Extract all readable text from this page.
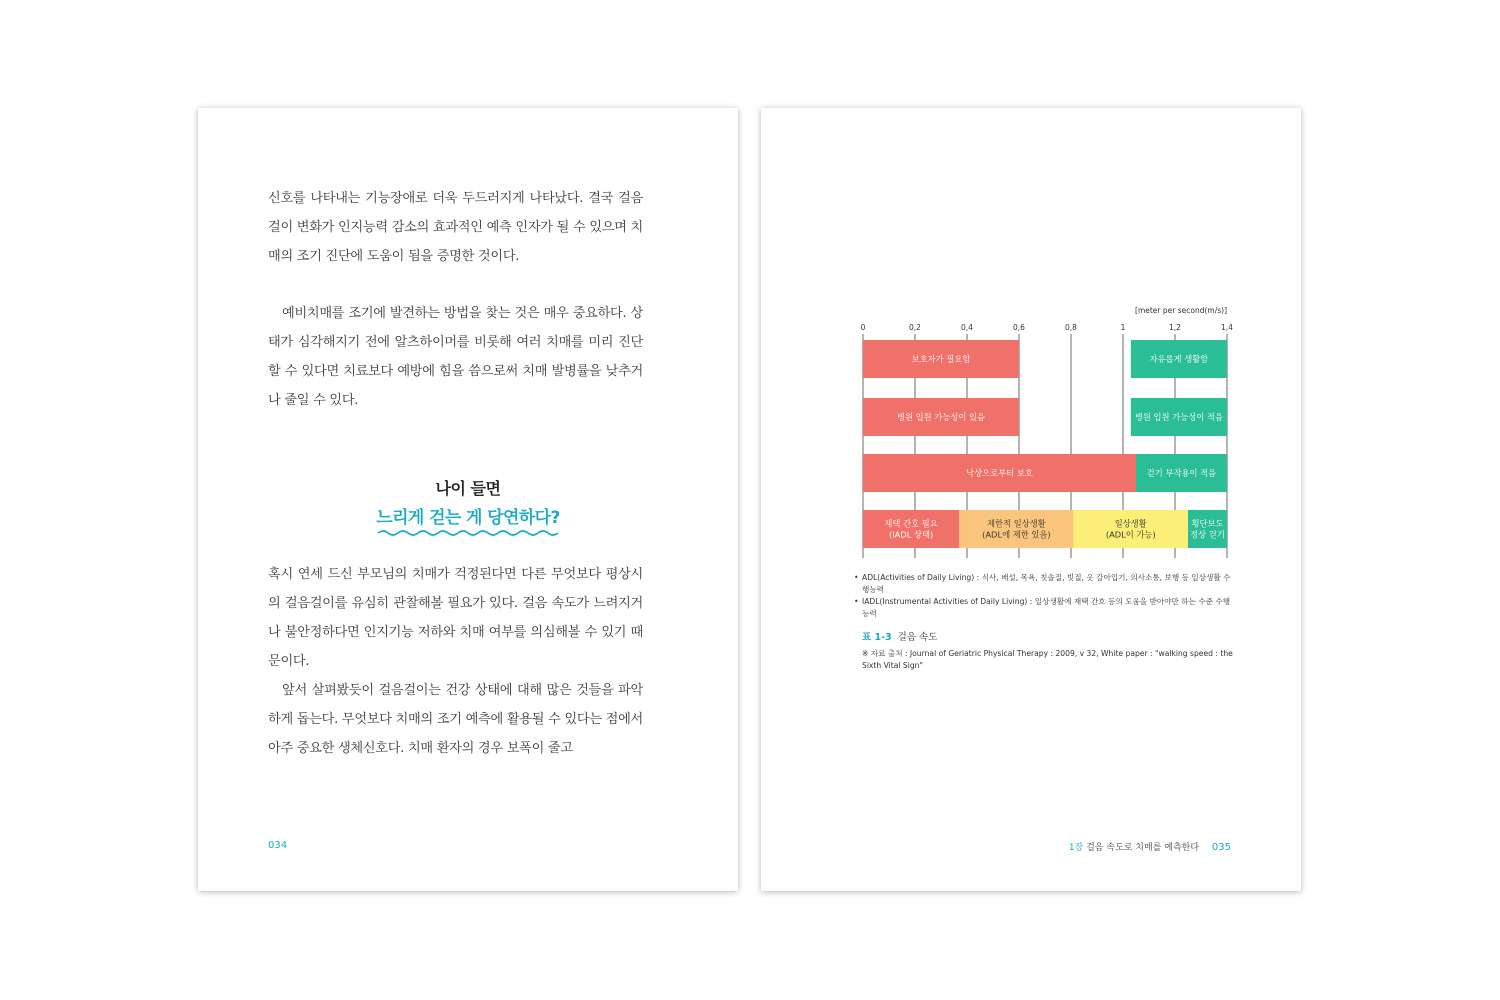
신호를 나타내는 기능장애로 더욱 두드러지게 나타났다. 결국 걸음걸이 변화가 인지능력 감소의 효과적인 예측 인자가 될 수 있으며 치매의 조기 진단에 도움이 됨을 증명한 것이다.

예비치매를 조기에 발견하는 방법을 찾는 것은 매우 중요하다. 상태가 심각해지기 전에 알츠하이머를 비롯해 여러 치매를 미리 진단할 수 있다면 치료보다 예방에 힘을 씀으로써 치매 발병률을 낮추거나 줄일 수 있다.

나이 들면
느리게 걷는 게 당연하다?

혹시 연세 드신 부모님의 치매가 걱정된다면 다른 무엇보다 평상시의 걸음걸이를 유심히 관찰해볼 필요가 있다. 걸음 속도가 느려지거나 불안정하다면 인지기능 저하와 치매 여부를 의심해볼 수 있기 때문이다.

앞서 살펴봤듯이 걸음걸이는 건강 상태에 대해 많은 것들을 파악하게 돕는다. 무엇보다 치매의 조기 예측에 활용될 수 있다는 점에서 아주 중요한 생체신호다. 치매 환자의 경우 보폭이 줄고

034
[meter per second(m/s)]
0	0,2	0,4	0,6	0,8	1	1,2	1,4
보호자가 필요함	자유롭게 생활함
병원 입원 가능성이 있음	병원 입원 가능성이 적음
낙상으로부터 보호	걷기 부작용이 적음
재택 간호 필요 (IADL 상태)
제한적 일상생활 (ADL에 제한 있음)
일상생활 (ADL이 가능)
횡단보도 정상 걷기
• ADL(Activities of Daily Living) : 식사, 배설, 목욕, 칫솔질, 빗질, 옷 갈아입기, 의사소통, 보행 등 일상생활 수행능력
• IADL(Instrumental Activities of Daily Living) : 일상생활에 재택 간호 등의 도움을 받아야만 하는 수준 수행능력
표 1-3 걸음 속도

※ 자료 출처 : Journal of Geriatric Physical Therapy : 2009, v 32, White paper : "walking speed : the Sixth Vital Sign"

1장 걸음 속도로 치매를 예측한다 035
